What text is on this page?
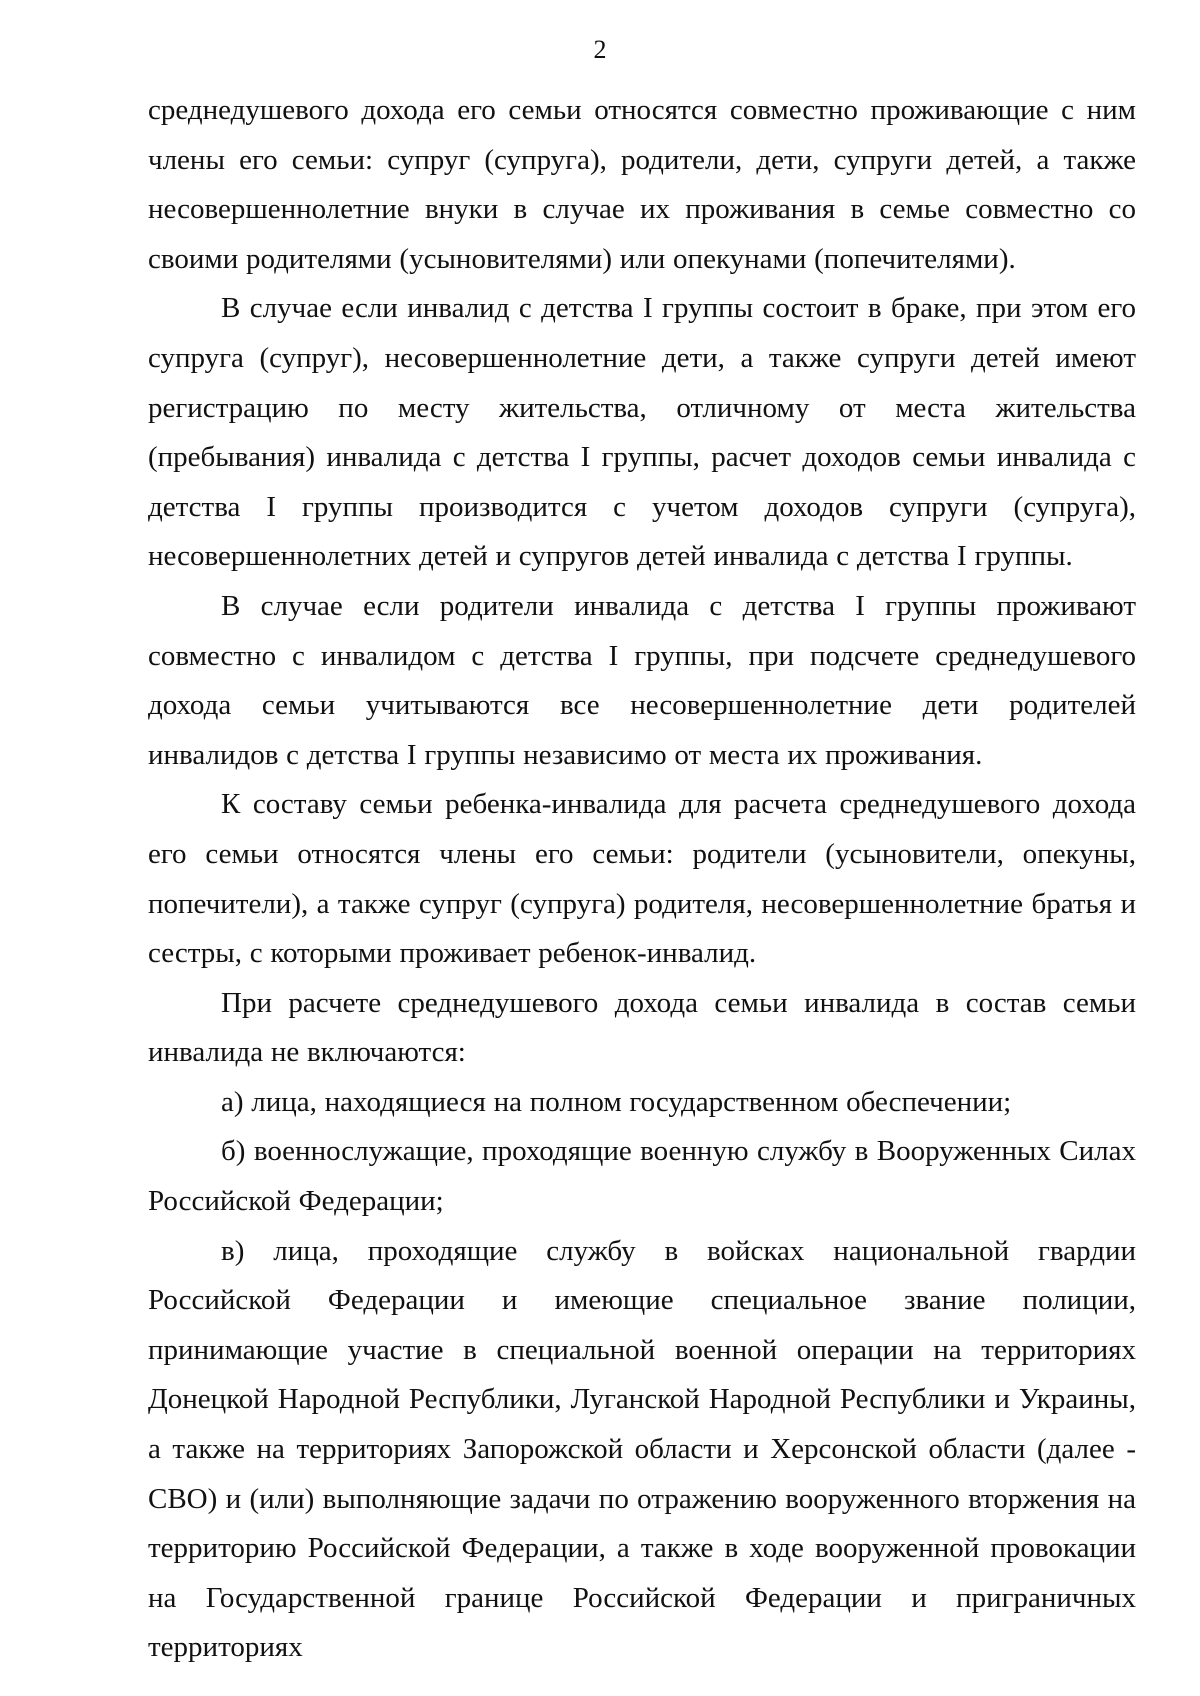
2

среднедушевого дохода его семьи относятся совместно проживающие с ним члены его семьи: супруг (супруга), родители, дети, супруги детей, а также несовершеннолетние внуки в случае их проживания в семье совместно со своими родителями (усыновителями) или опекунами (попечителями).

В случае если инвалид с детства I группы состоит в браке, при этом его супруга (супруг), несовершеннолетние дети, а также супруги детей имеют регистрацию по месту жительства, отличному от места жительства (пребывания) инвалида с детства I группы, расчет доходов семьи инвалида с детства I группы производится с учетом доходов супруги (супруга), несовершеннолетних детей и супругов детей инвалида с детства I группы.

В случае если родители инвалида с детства I группы проживают совместно с инвалидом с детства I группы, при подсчете среднедушевого дохода семьи учитываются все несовершеннолетние дети родителей инвалидов с детства I группы независимо от места их проживания.

К составу семьи ребенка-инвалида для расчета среднедушевого дохода его семьи относятся члены его семьи: родители (усыновители, опекуны, попечители), а также супруг (супруга) родителя, несовершеннолетние братья и сестры, с которыми проживает ребенок-инвалид.

При расчете среднедушевого дохода семьи инвалида в состав семьи инвалида не включаются:

а) лица, находящиеся на полном государственном обеспечении;

б) военнослужащие, проходящие военную службу в Вооруженных Силах Российской Федерации;

в) лица, проходящие службу в войсках национальной гвардии Российской Федерации и имеющие специальное звание полиции, принимающие участие в специальной военной операции на территориях Донецкой Народной Республики, Луганской Народной Республики и Украины, а также на территориях Запорожской области и Херсонской области (далее - СВО) и (или) выполняющие задачи по отражению вооруженного вторжения на территорию Российской Федерации, а также в ходе вооруженной провокации на Государственной границе Российской Федерации и приграничных территориях
